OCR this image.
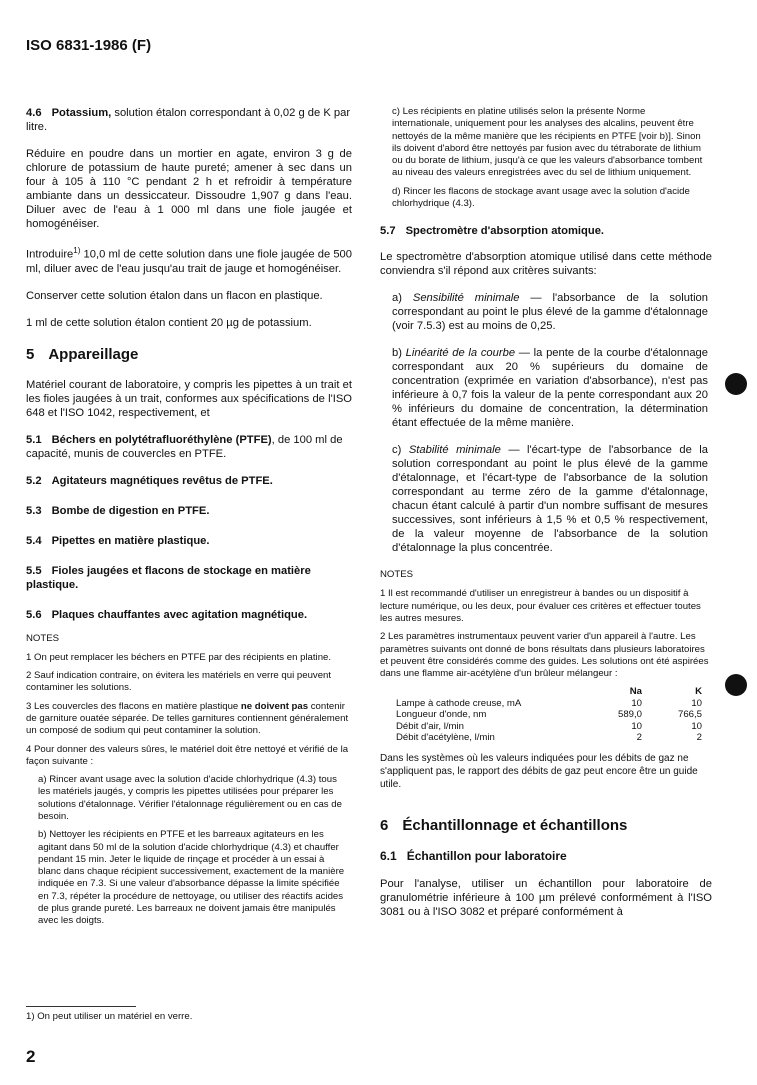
ISO 6831-1986 (F)

4.6 Potassium, solution étalon correspondant à 0,02 g de K par litre.

Réduire en poudre dans un mortier en agate, environ 3 g de chlorure de potassium de haute pureté; amener à sec dans un four à 105 à 110 °C pendant 2 h et refroidir à température ambiante dans un dessiccateur. Dissoudre 1,907 g dans l'eau. Diluer avec de l'eau à 1 000 ml dans une fiole jaugée et homogénéiser.

Introduire$^{1)}$ 10,0 ml de cette solution dans une fiole jaugée de 500 ml, diluer avec de l'eau jusqu'au trait de jauge et homogénéiser.

Conserver cette solution étalon dans un flacon en plastique.

1 ml de cette solution étalon contient 20 µg de potassium.

5 Appareillage

Matériel courant de laboratoire, y compris les pipettes à un trait et les fioles jaugées à un trait, conformes aux spécifications de l'ISO 648 et l'ISO 1042, respectivement, et

5.1 Béchers en polytétrafluoréthylène (PTFE), de 100 ml de capacité, munis de couvercles en PTFE.

5.2 Agitateurs magnétiques revêtus de PTFE.
5.3 Bombe de digestion en PTFE.
5.4 Pipettes en matière plastique.
5.5 Fioles jaugées et flacons de stockage en matière plastique.
5.6 Plaques chauffantes avec agitation magnétique.
NOTES

1 On peut remplacer les béchers en PTFE par des récipients en platine.

2 Sauf indication contraire, on évitera les matériels en verre qui peuvent contaminer les solutions.

3 Les couvercles des flacons en matière plastique ne doivent pas contenir de garniture ouatée séparée. De telles garnitures contiennent généralement un composé de sodium qui peut contaminer la solution.

4 Pour donner des valeurs sûres, le matériel doit être nettoyé et vérifié de la façon suivante :

a) Rincer avant usage avec la solution d'acide chlorhydrique (4.3) tous les matériels jaugés, y compris les pipettes utilisées pour préparer les solutions d'étalonnage. Vérifier l'étalonnage régulièrement ou en cas de besoin.

b) Nettoyer les récipients en PTFE et les barreaux agitateurs en les agitant dans 50 ml de la solution d'acide chlorhydrique (4.3) et chauffer pendant 15 min. Jeter le liquide de rinçage et procéder à un essai à blanc dans chaque récipient successivement, exactement de la manière indiquée en 7.3. Si une valeur d'absorbance dépasse la limite spécifiée en 7.3, répéter la procédure de nettoyage, ou utiliser des réactifs acides de plus grande pureté. Les barreaux ne doivent jamais être manipulés avec les doigts.

c) Les récipients en platine utilisés selon la présente Norme internationale, uniquement pour les analyses des alcalins, peuvent être nettoyés de la même manière que les récipients en PTFE [voir b)]. Sinon ils doivent d'abord être nettoyés par fusion avec du tétraborate de lithium ou du borate de lithium, jusqu'à ce que les valeurs d'absorbance tombent au niveau des valeurs enregistrées avec du sel de lithium uniquement.

d) Rincer les flacons de stockage avant usage avec la solution d'acide chlorhydrique (4.3).

5.7 Spectromètre d'absorption atomique.

Le spectromètre d'absorption atomique utilisé dans cette méthode conviendra s'il répond aux critères suivants:

a) Sensibilité minimale — l'absorbance de la solution correspondant au point le plus élevé de la gamme d'étalonnage (voir 7.5.3) est au moins de 0,25.

b) Linéarité de la courbe — la pente de la courbe d'étalonnage correspondant aux 20 % supérieurs du domaine de concentration (exprimée en variation d'absorbance), n'est pas inférieure à 0,7 fois la valeur de la pente correspondant aux 20 % inférieurs du domaine de concentration, la détermination étant effectuée de la même manière.

c) Stabilité minimale — l'écart-type de l'absorbance de la solution correspondant au point le plus élevé de la gamme d'étalonnage, et l'écart-type de l'absorbance de la solution correspondant au terme zéro de la gamme d'étalonnage, chacun étant calculé à partir d'un nombre suffisant de mesures successives, sont inférieurs à 1,5 % et 0,5 % respectivement, de la valeur moyenne de l'absorbance de la solution d'étalonnage la plus concentrée.

NOTES

1 Il est recommandé d'utiliser un enregistreur à bandes ou un dispositif à lecture numérique, ou les deux, pour évaluer ces critères et effectuer toutes les autres mesures.

2 Les paramètres instrumentaux peuvent varier d'un appareil à l'autre. Les paramètres suivants ont donné de bons résultats dans plusieurs laboratoires et peuvent être considérés comme des guides. Les solutions ont été aspirées dans une flamme air-acétylène d'un brûleur mélangeur :

	Na	K
Lampe à cathode creuse, mA	10	10
Longueur d'onde, nm	589,0	766,5
Débit d'air, l/min	10	10
Débit d'acétylène, l/min	2	2

Dans les systèmes où les valeurs indiquées pour les débits de gaz ne s'appliquent pas, le rapport des débits de gaz peut encore être un guide utile.

6 Échantillonnage et échantillons
6.1 Échantillon pour laboratoire

Pour l'analyse, utiliser un échantillon pour laboratoire de granulométrie inférieure à 100 µm prélevé conformément à l'ISO 3081 ou à l'ISO 3082 et préparé conformément à

1) On peut utiliser un matériel en verre.
2
